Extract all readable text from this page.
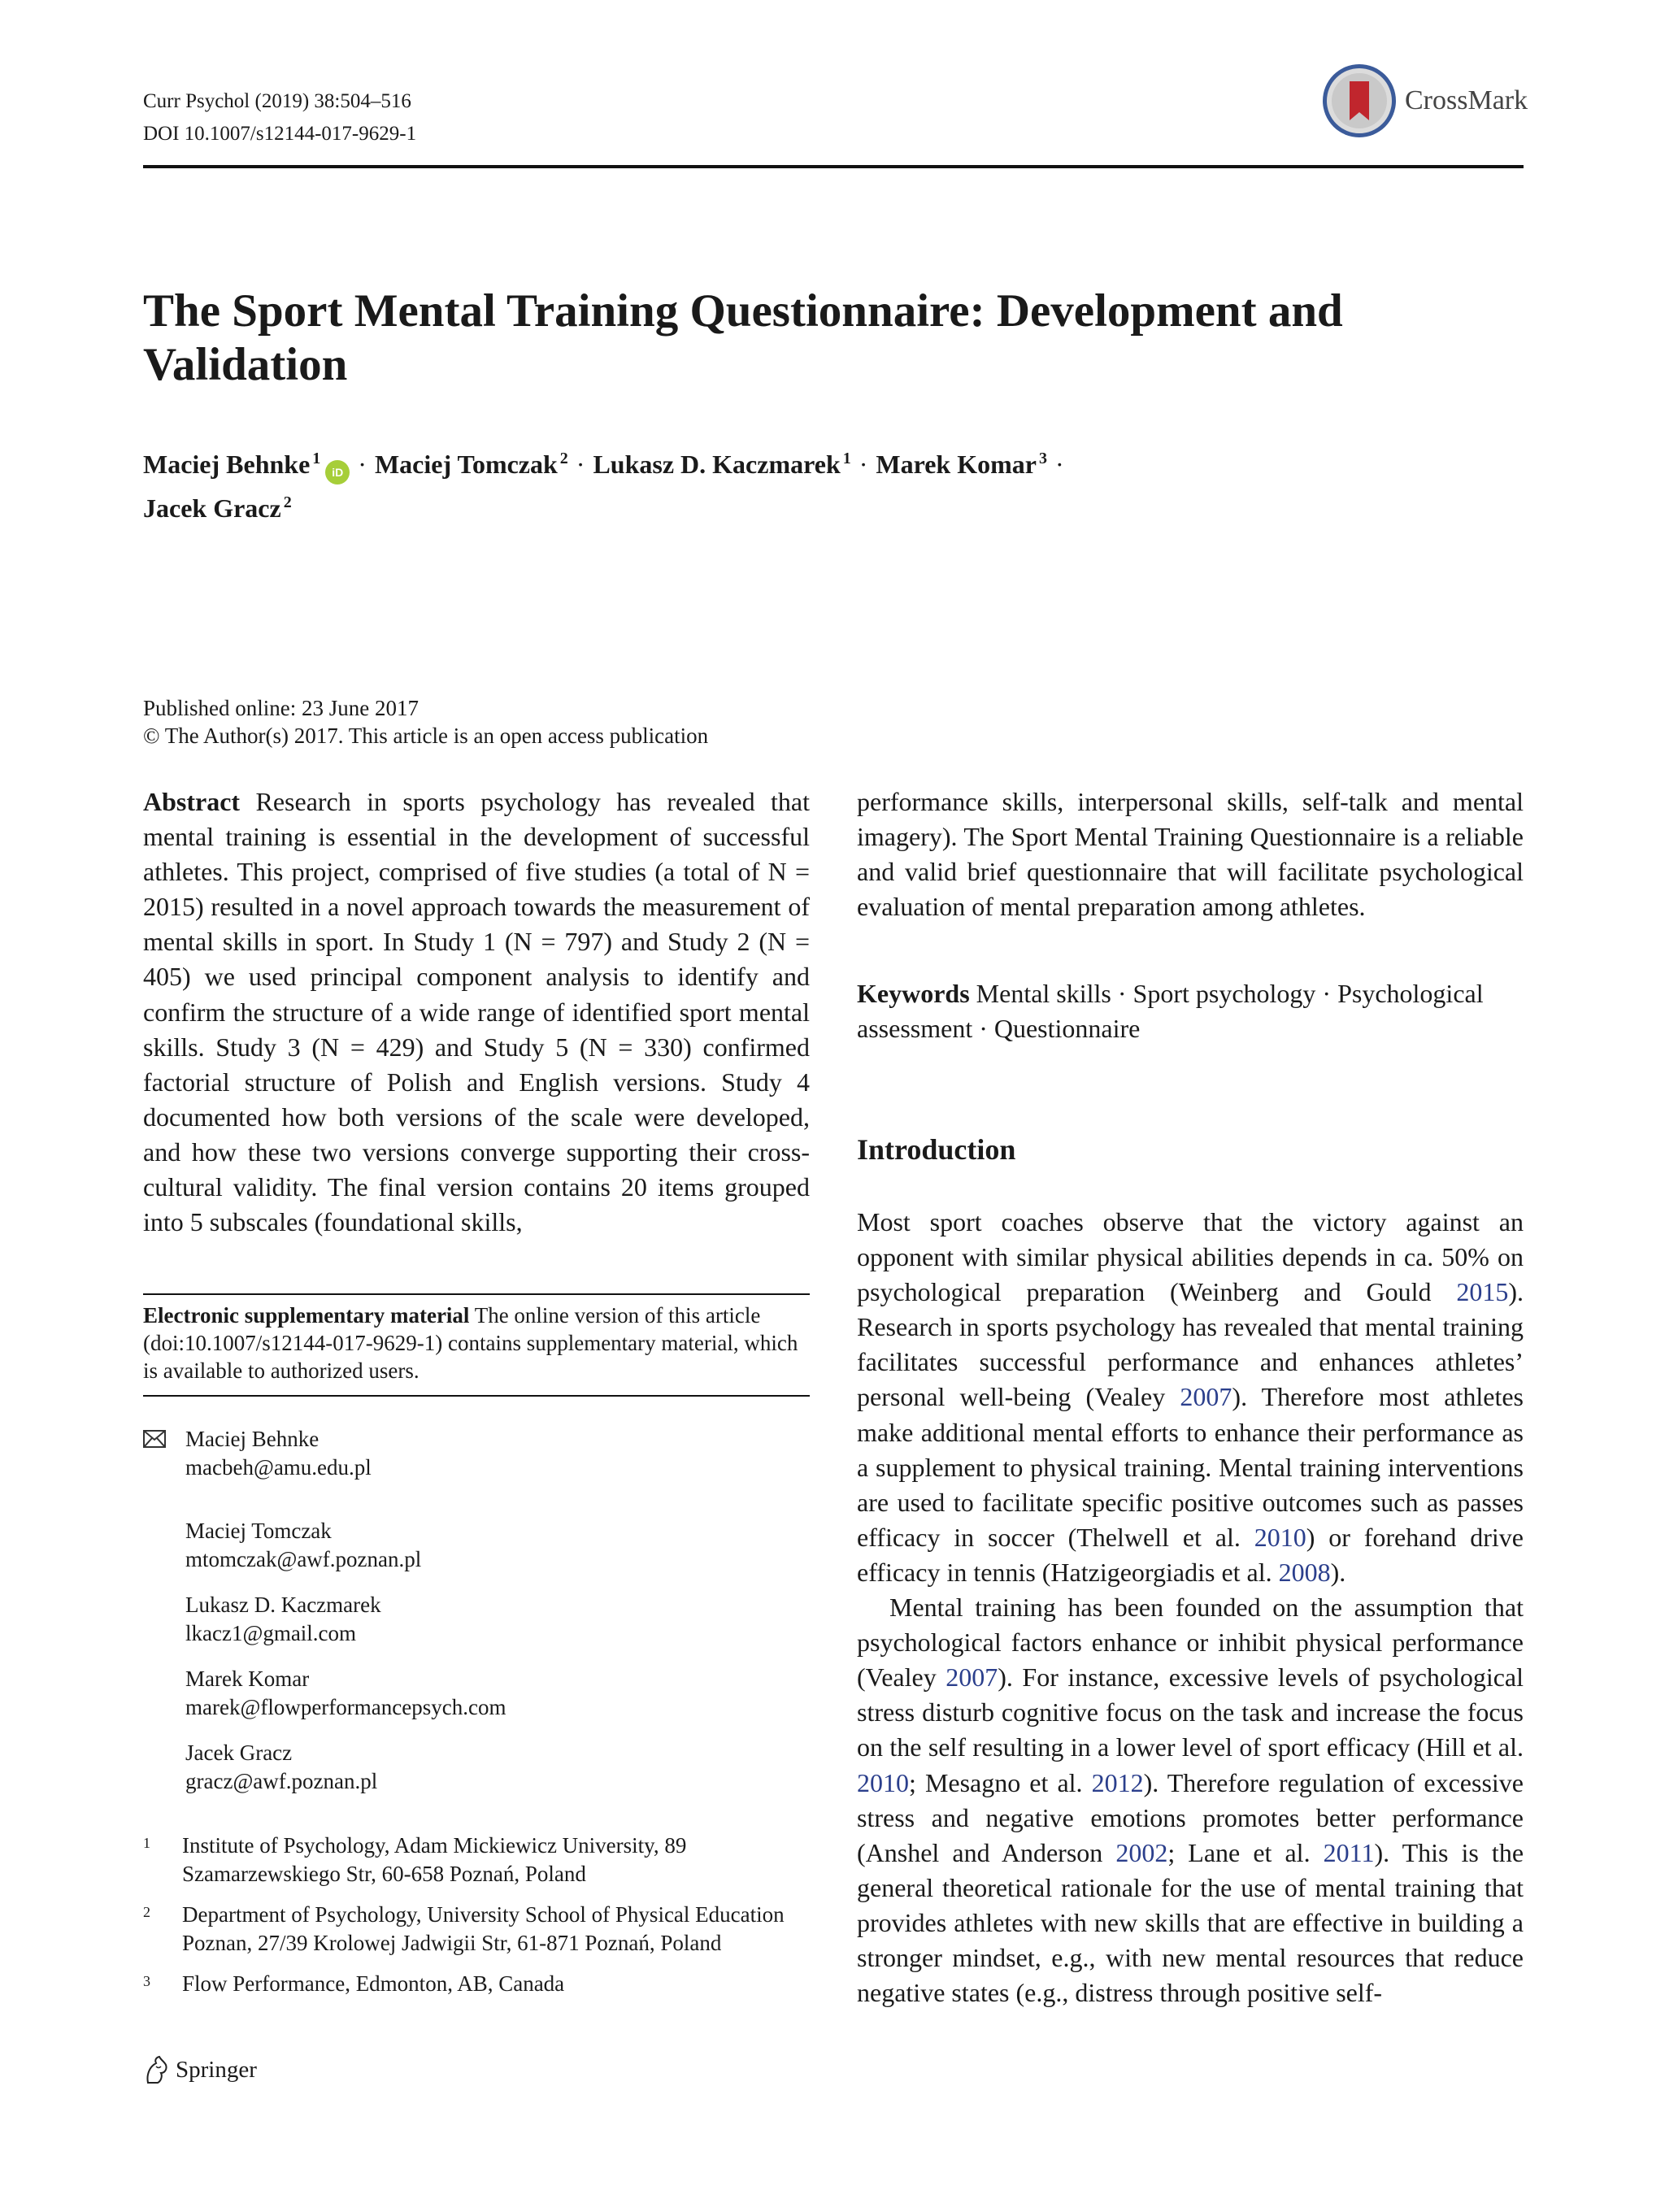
Curr Psychol (2019) 38:504–516
DOI 10.1007/s12144-017-9629-1
CrossMark
The Sport Mental Training Questionnaire: Development and Validation
Maciej Behnke $^1$iD · Maciej Tomczak $^2$ · Lukasz D. Kaczmarek $^1$ · Marek Komar $^3$ ·
Jacek Gracz $^2$
Published online: 23 June 2017
© The Author(s) 2017. This article is an open access publication

Abstract Research in sports psychology has revealed that mental training is essential in the development of successful athletes. This project, comprised of five studies (a total of N = 2015) resulted in a novel approach towards the measurement of mental skills in sport. In Study 1 (N = 797) and Study 2 (N = 405) we used principal component analysis to identify and confirm the structure of a wide range of identified sport mental skills. Study 3 (N = 429) and Study 5 (N = 330) confirmed factorial structure of Polish and English versions. Study 4 documented how both versions of the scale were developed, and how these two versions converge supporting their cross-cultural validity. The final version contains 20 items grouped into 5 subscales (foundational skills,

Electronic supplementary material The online version of this article (doi:10.1007/s12144-017-9629-1) contains supplementary material, which is available to authorized users.

Maciej Behnke

macbeh@amu.edu.pl

Maciej Tomczak

mtomczak@awf.poznan.pl

Lukasz D. Kaczmarek

lkacz1@gmail.com

Marek Komar

marek@flowperformancepsych.com

Jacek Gracz

gracz@awf.poznan.pl

1	Institute of Psychology, Adam Mickiewicz University, 89 Szamarzewskiego Str, 60-658 Poznań, Poland
2	Department of Psychology, University School of Physical Education Poznan, 27/39 Krolowej Jadwigii Str, 61-871 Poznań, Poland
3	Flow Performance, Edmonton, AB, Canada

performance skills, interpersonal skills, self-talk and mental imagery). The Sport Mental Training Questionnaire is a reliable and valid brief questionnaire that will facilitate psychological evaluation of mental preparation among athletes.

Keywords Mental skills · Sport psychology · Psychological assessment · Questionnaire
Introduction

Most sport coaches observe that the victory against an opponent with similar physical abilities depends in ca. 50% on psychological preparation (Weinberg and Gould 2015). Research in sports psychology has revealed that mental training facilitates successful performance and enhances athletes’ personal well-being (Vealey 2007). Therefore most athletes make additional mental efforts to enhance their performance as a supplement to physical training. Mental training interventions are used to facilitate specific positive outcomes such as passes efficacy in soccer (Thelwell et al. 2010) or forehand drive efficacy in tennis (Hatzigeorgiadis et al. 2008).

Mental training has been founded on the assumption that psychological factors enhance or inhibit physical performance (Vealey 2007). For instance, excessive levels of psychological stress disturb cognitive focus on the task and increase the focus on the self resulting in a lower level of sport efficacy (Hill et al. 2010; Mesagno et al. 2012). Therefore regulation of excessive stress and negative emotions promotes better performance (Anshel and Anderson 2002; Lane et al. 2011). This is the general theoretical rationale for the use of mental training that provides athletes with new skills that are effective in building a stronger mindset, e.g., with new mental resources that reduce negative states (e.g., distress through positive self-

Springer
